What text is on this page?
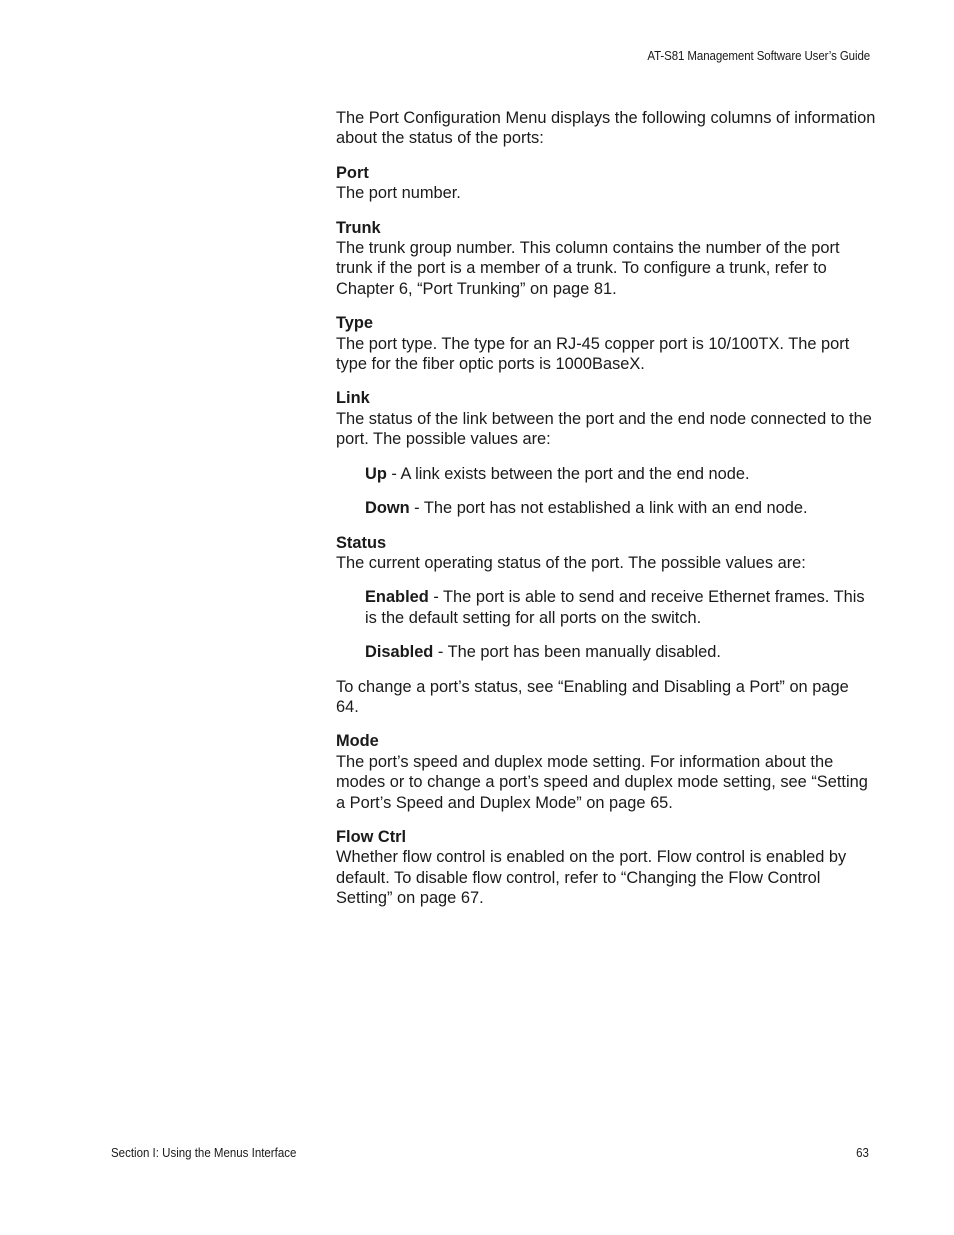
AT-S81 Management Software User’s Guide

The Port Configuration Menu displays the following columns of information about the status of the ports:

Port

The port number.

Trunk

The trunk group number. This column contains the number of the port trunk if the port is a member of a trunk. To configure a trunk, refer to Chapter 6, “Port Trunking” on page 81.

Type

The port type. The type for an RJ-45 copper port is 10/100TX. The port type for the fiber optic ports is 1000BaseX.

Link

The status of the link between the port and the end node connected to the port. The possible values are:

Up - A link exists between the port and the end node.

Down - The port has not established a link with an end node.

Status

The current operating status of the port. The possible values are:

Enabled - The port is able to send and receive Ethernet frames. This is the default setting for all ports on the switch.

Disabled - The port has been manually disabled.

To change a port’s status, see “Enabling and Disabling a Port” on page 64.

Mode

The port’s speed and duplex mode setting. For information about the modes or to change a port’s speed and duplex mode setting, see “Setting a Port’s Speed and Duplex Mode” on page 65.

Flow Ctrl

Whether flow control is enabled on the port. Flow control is enabled by default. To disable flow control, refer to “Changing the Flow Control Setting” on page 67.

Section I: Using the Menus Interface	63
